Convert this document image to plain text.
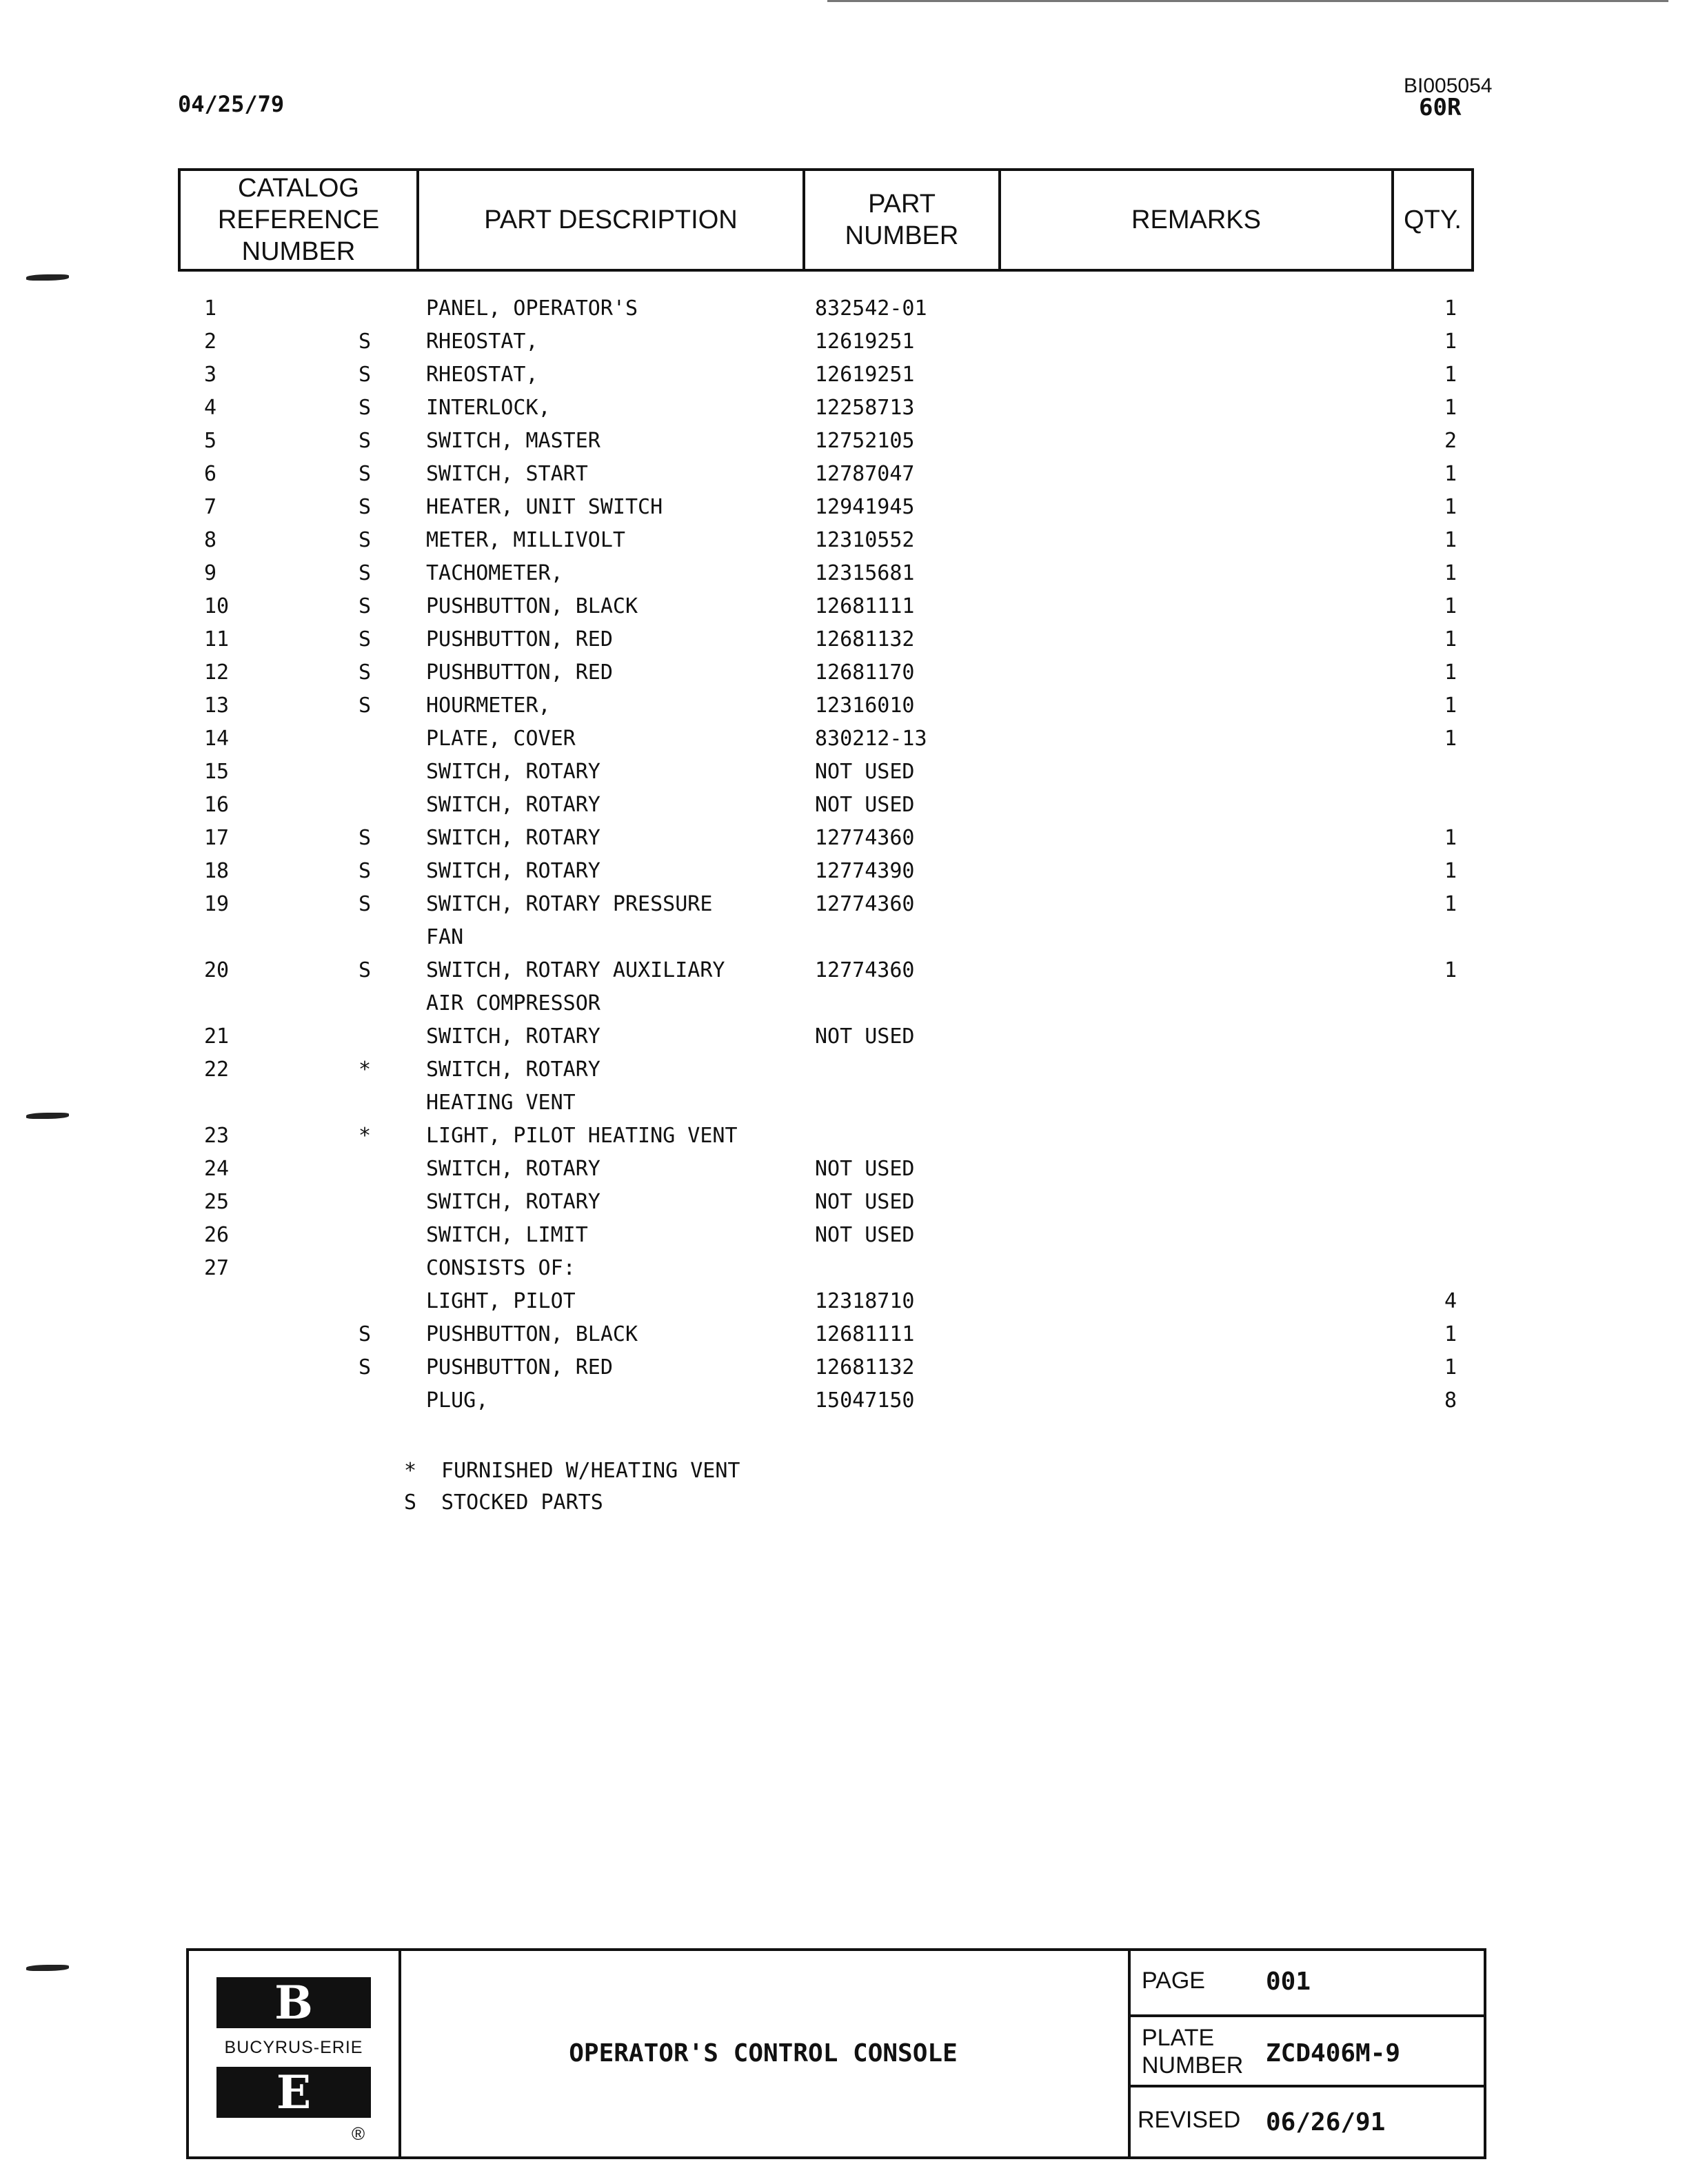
04/25/79
BI005054
60R
CATALOG REFERENCE NUMBER
PART DESCRIPTION
PART NUMBER
REMARKS	QTY.
1	PANEL, OPERATOR'S	832542-01	1
2	S	RHEOSTAT,	12619251	1
3	S	RHEOSTAT,	12619251	1
4	S	INTERLOCK,	12258713	1
5	S	SWITCH, MASTER	12752105	2
6	S	SWITCH, START	12787047	1
7	S	HEATER, UNIT SWITCH	12941945	1
8	S	METER, MILLIVOLT	12310552	1
9	S	TACHOMETER,	12315681	1
10	S	PUSHBUTTON, BLACK	12681111	1
11	S	PUSHBUTTON, RED	12681132	1
12	S	PUSHBUTTON, RED	12681170	1
13	S	HOURMETER,	12316010	1
14	PLATE, COVER	830212-13	1
15	SWITCH, ROTARY	NOT USED
16	SWITCH, ROTARY	NOT USED
17	S	SWITCH, ROTARY	12774360	1
18	S	SWITCH, ROTARY	12774390	1
19	S	SWITCH, ROTARY PRESSURE	12774360	1
FAN
20	S	SWITCH, ROTARY AUXILIARY	12774360	1
AIR COMPRESSOR
21	SWITCH, ROTARY	NOT USED
22	*	SWITCH, ROTARY
HEATING VENT
23	*	LIGHT, PILOT HEATING VENT
24	SWITCH, ROTARY	NOT USED
25	SWITCH, ROTARY	NOT USED
26	SWITCH, LIMIT	NOT USED
27	CONSISTS OF:
LIGHT, PILOT	12318710	4
S	PUSHBUTTON, BLACK	12681111	1
S	PUSHBUTTON, RED	12681132	1
PLUG,	15047150	8
* FURNISHED W/HEATING VENT
S STOCKED PARTS
B
BUCYRUS-ERIE
E
®
OPERATOR'S CONTROL CONSOLE
PAGE 001
PLATE
NUMBER ZCD406M-9
REVISED 06/26/91
